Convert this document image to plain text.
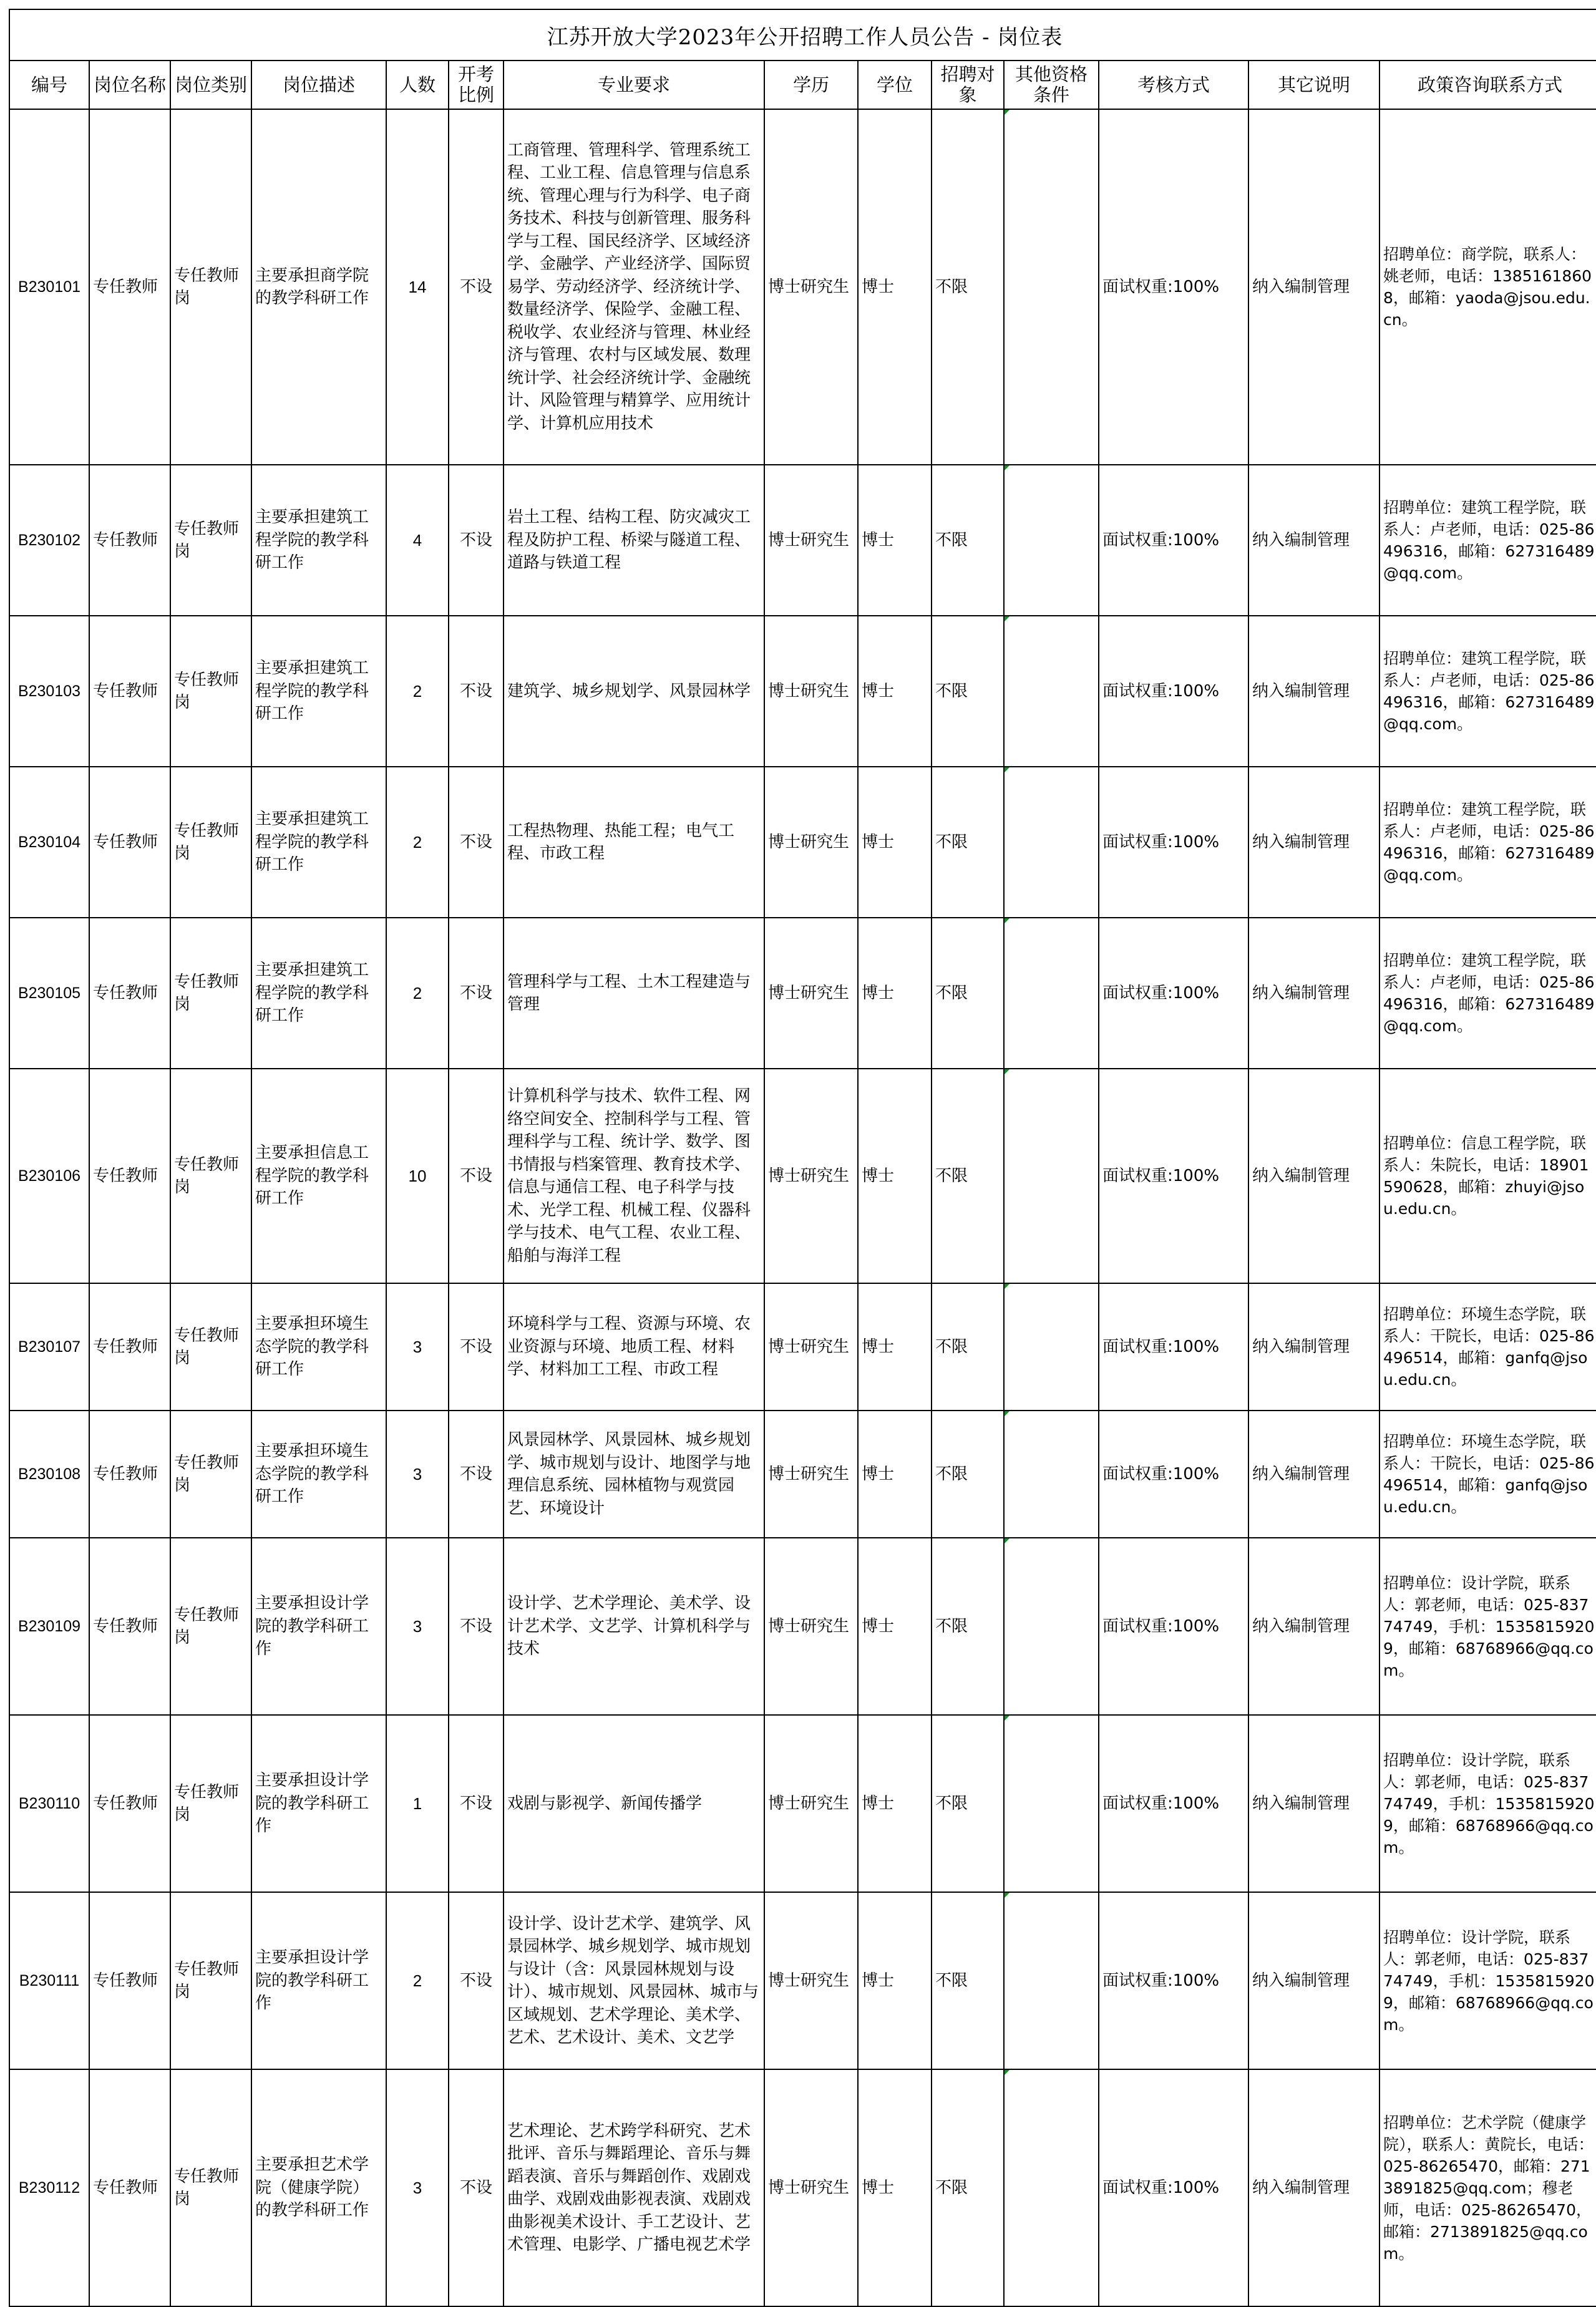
江苏开放大学2023年公开招聘工作人员公告 - 岗位表													
编号	岗位名称	岗位类别	岗位描述	人数	开考比例	专业要求	学历	学位	招聘对象	其他资格条件	考核方式	其它说明	政策咨询联系方式
B230101	专任教师	专任教师岗	主要承担商学院的教学科研工作	14	不设	工商管理、管理科学、管理系统工程、工业工程、信息管理与信息系统、管理心理与行为科学、电子商务技术、科技与创新管理、服务科学与工程、国民经济学、区域经济学、金融学、产业经济学、国际贸易学、劳动经济学、经济统计学、数量经济学、保险学、金融工程、税收学、农业经济与管理、林业经济与管理、农村与区域发展、数理统计学、社会经济统计学、金融统计、风险管理与精算学、应用统计学、计算机应用技术	博士研究生	博士	不限		面试权重:100%	纳入编制管理	招聘单位：商学院，联系人：姚老师，电话：13851618608，邮箱：yaoda@jsou.edu.cn。
B230102	专任教师	专任教师岗	主要承担建筑工程学院的教学科研工作	4	不设	岩土工程、结构工程、防灾减灾工程及防护工程、桥梁与隧道工程、道路与铁道工程	博士研究生	博士	不限		面试权重:100%	纳入编制管理	招聘单位：建筑工程学院，联系人：卢老师，电话：025-86496316，邮箱：627316489@qq.com。
B230103	专任教师	专任教师岗	主要承担建筑工程学院的教学科研工作	2	不设	建筑学、城乡规划学、风景园林学	博士研究生	博士	不限		面试权重:100%	纳入编制管理	招聘单位：建筑工程学院，联系人：卢老师，电话：025-86496316，邮箱：627316489@qq.com。
B230104	专任教师	专任教师岗	主要承担建筑工程学院的教学科研工作	2	不设	工程热物理、热能工程；电气工程、市政工程	博士研究生	博士	不限		面试权重:100%	纳入编制管理	招聘单位：建筑工程学院，联系人：卢老师，电话：025-86496316，邮箱：627316489@qq.com。
B230105	专任教师	专任教师岗	主要承担建筑工程学院的教学科研工作	2	不设	管理科学与工程、土木工程建造与管理	博士研究生	博士	不限		面试权重:100%	纳入编制管理	招聘单位：建筑工程学院，联系人：卢老师，电话：025-86496316，邮箱：627316489@qq.com。
B230106	专任教师	专任教师岗	主要承担信息工程学院的教学科研工作	10	不设	计算机科学与技术、软件工程、网络空间安全、控制科学与工程、管理科学与工程、统计学、数学、图书情报与档案管理、教育技术学、信息与通信工程、电子科学与技术、光学工程、机械工程、仪器科学与技术、电气工程、农业工程、船舶与海洋工程	博士研究生	博士	不限		面试权重:100%	纳入编制管理	招聘单位：信息工程学院，联系人：朱院长，电话：18901590628，邮箱：zhuyi@jsou.edu.cn。
B230107	专任教师	专任教师岗	主要承担环境生态学院的教学科研工作	3	不设	环境科学与工程、资源与环境、农业资源与环境、地质工程、材料学、材料加工工程、市政工程	博士研究生	博士	不限		面试权重:100%	纳入编制管理	招聘单位：环境生态学院，联系人：干院长，电话：025-86496514，邮箱：ganfq@jsou.edu.cn。
B230108	专任教师	专任教师岗	主要承担环境生态学院的教学科研工作	3	不设	风景园林学、风景园林、城乡规划学、城市规划与设计、地图学与地理信息系统、园林植物与观赏园艺、环境设计	博士研究生	博士	不限		面试权重:100%	纳入编制管理	招聘单位：环境生态学院，联系人：干院长，电话：025-86496514，邮箱：ganfq@jsou.edu.cn。
B230109	专任教师	专任教师岗	主要承担设计学院的教学科研工作	3	不设	设计学、艺术学理论、美术学、设计艺术学、文艺学、计算机科学与技术	博士研究生	博士	不限		面试权重:100%	纳入编制管理	招聘单位：设计学院，联系人：郭老师，电话：025-83774749，手机：15358159209，邮箱：68768966@qq.com。
B230110	专任教师	专任教师岗	主要承担设计学院的教学科研工作	1	不设	戏剧与影视学、新闻传播学	博士研究生	博士	不限		面试权重:100%	纳入编制管理	招聘单位：设计学院，联系人：郭老师，电话：025-83774749，手机：15358159209，邮箱：68768966@qq.com。
B230111	专任教师	专任教师岗	主要承担设计学院的教学科研工作	2	不设	设计学、设计艺术学、建筑学、风景园林学、城乡规划学、城市规划与设计（含：风景园林规划与设计）、城市规划、风景园林、城市与区域规划、艺术学理论、美术学、艺术、艺术设计、美术、文艺学	博士研究生	博士	不限		面试权重:100%	纳入编制管理	招聘单位：设计学院，联系人：郭老师，电话：025-83774749，手机：15358159209，邮箱：68768966@qq.com。
B230112	专任教师	专任教师岗	主要承担艺术学院（健康学院）的教学科研工作	3	不设	艺术理论、艺术跨学科研究、艺术批评、音乐与舞蹈理论、音乐与舞蹈表演、音乐与舞蹈创作、戏剧戏曲学、戏剧戏曲影视表演、戏剧戏曲影视美术设计、手工艺设计、艺术管理、电影学、广播电视艺术学	博士研究生	博士	不限		面试权重:100%	纳入编制管理	招聘单位：艺术学院（健康学院），联系人：黄院长，电话：025-86265470，邮箱：2713891825@qq.com；穆老师，电话：025-86265470，邮箱：2713891825@qq.com。
